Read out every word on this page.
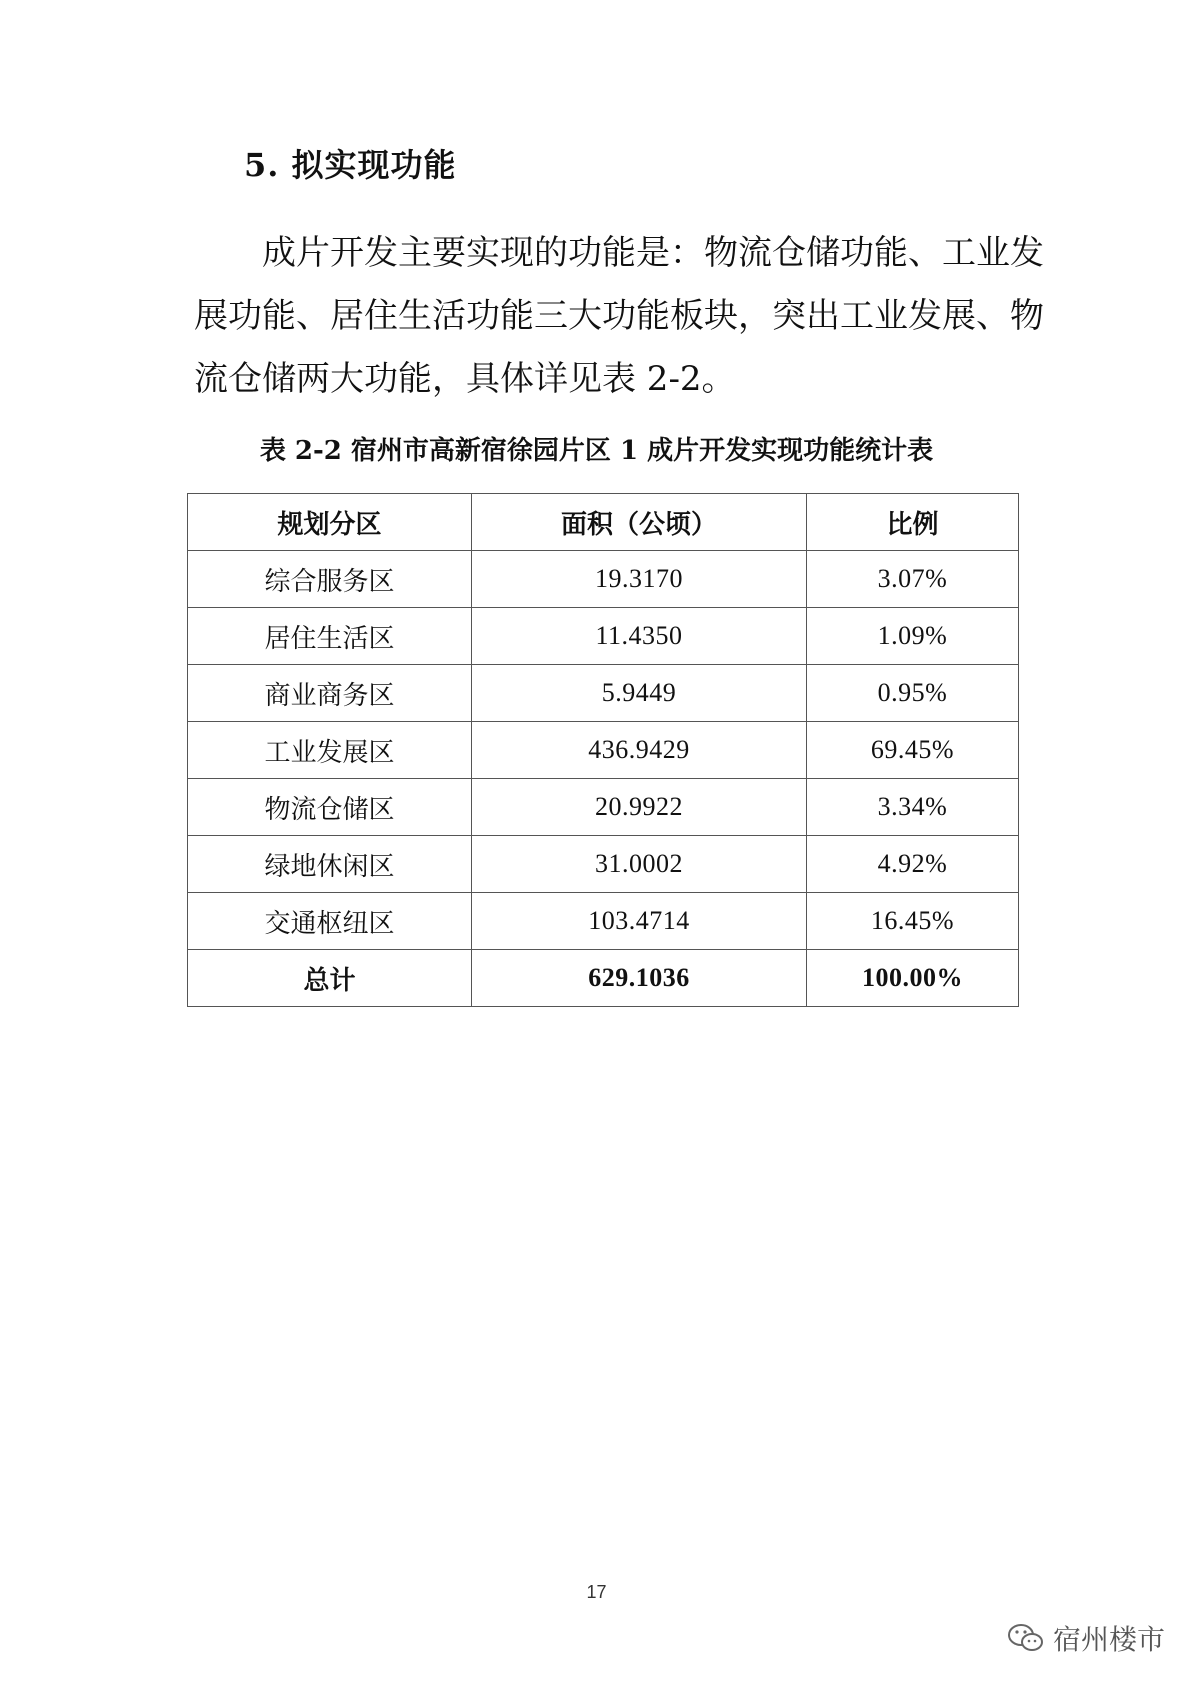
5. 拟实现功能
成片开发主要实现的功能是：物流仓储功能、工业发
展功能、居住生活功能三大功能板块，突出工业发展、物
流仓储两大功能，具体详见表 2-2。
表 2-2 宿州市高新宿徐园片区 1 成片开发实现功能统计表
规划分区	面积（公顷）	比例
综合服务区	19.3170	3.07%
居住生活区	11.4350	1.09%
商业商务区	5.9449	0.95%
工业发展区	436.9429	69.45%
物流仓储区	20.9922	3.34%
绿地休闲区	31.0002	4.92%
交通枢纽区	103.4714	16.45%
总计	629.1036	100.00%
17
宿州楼市
